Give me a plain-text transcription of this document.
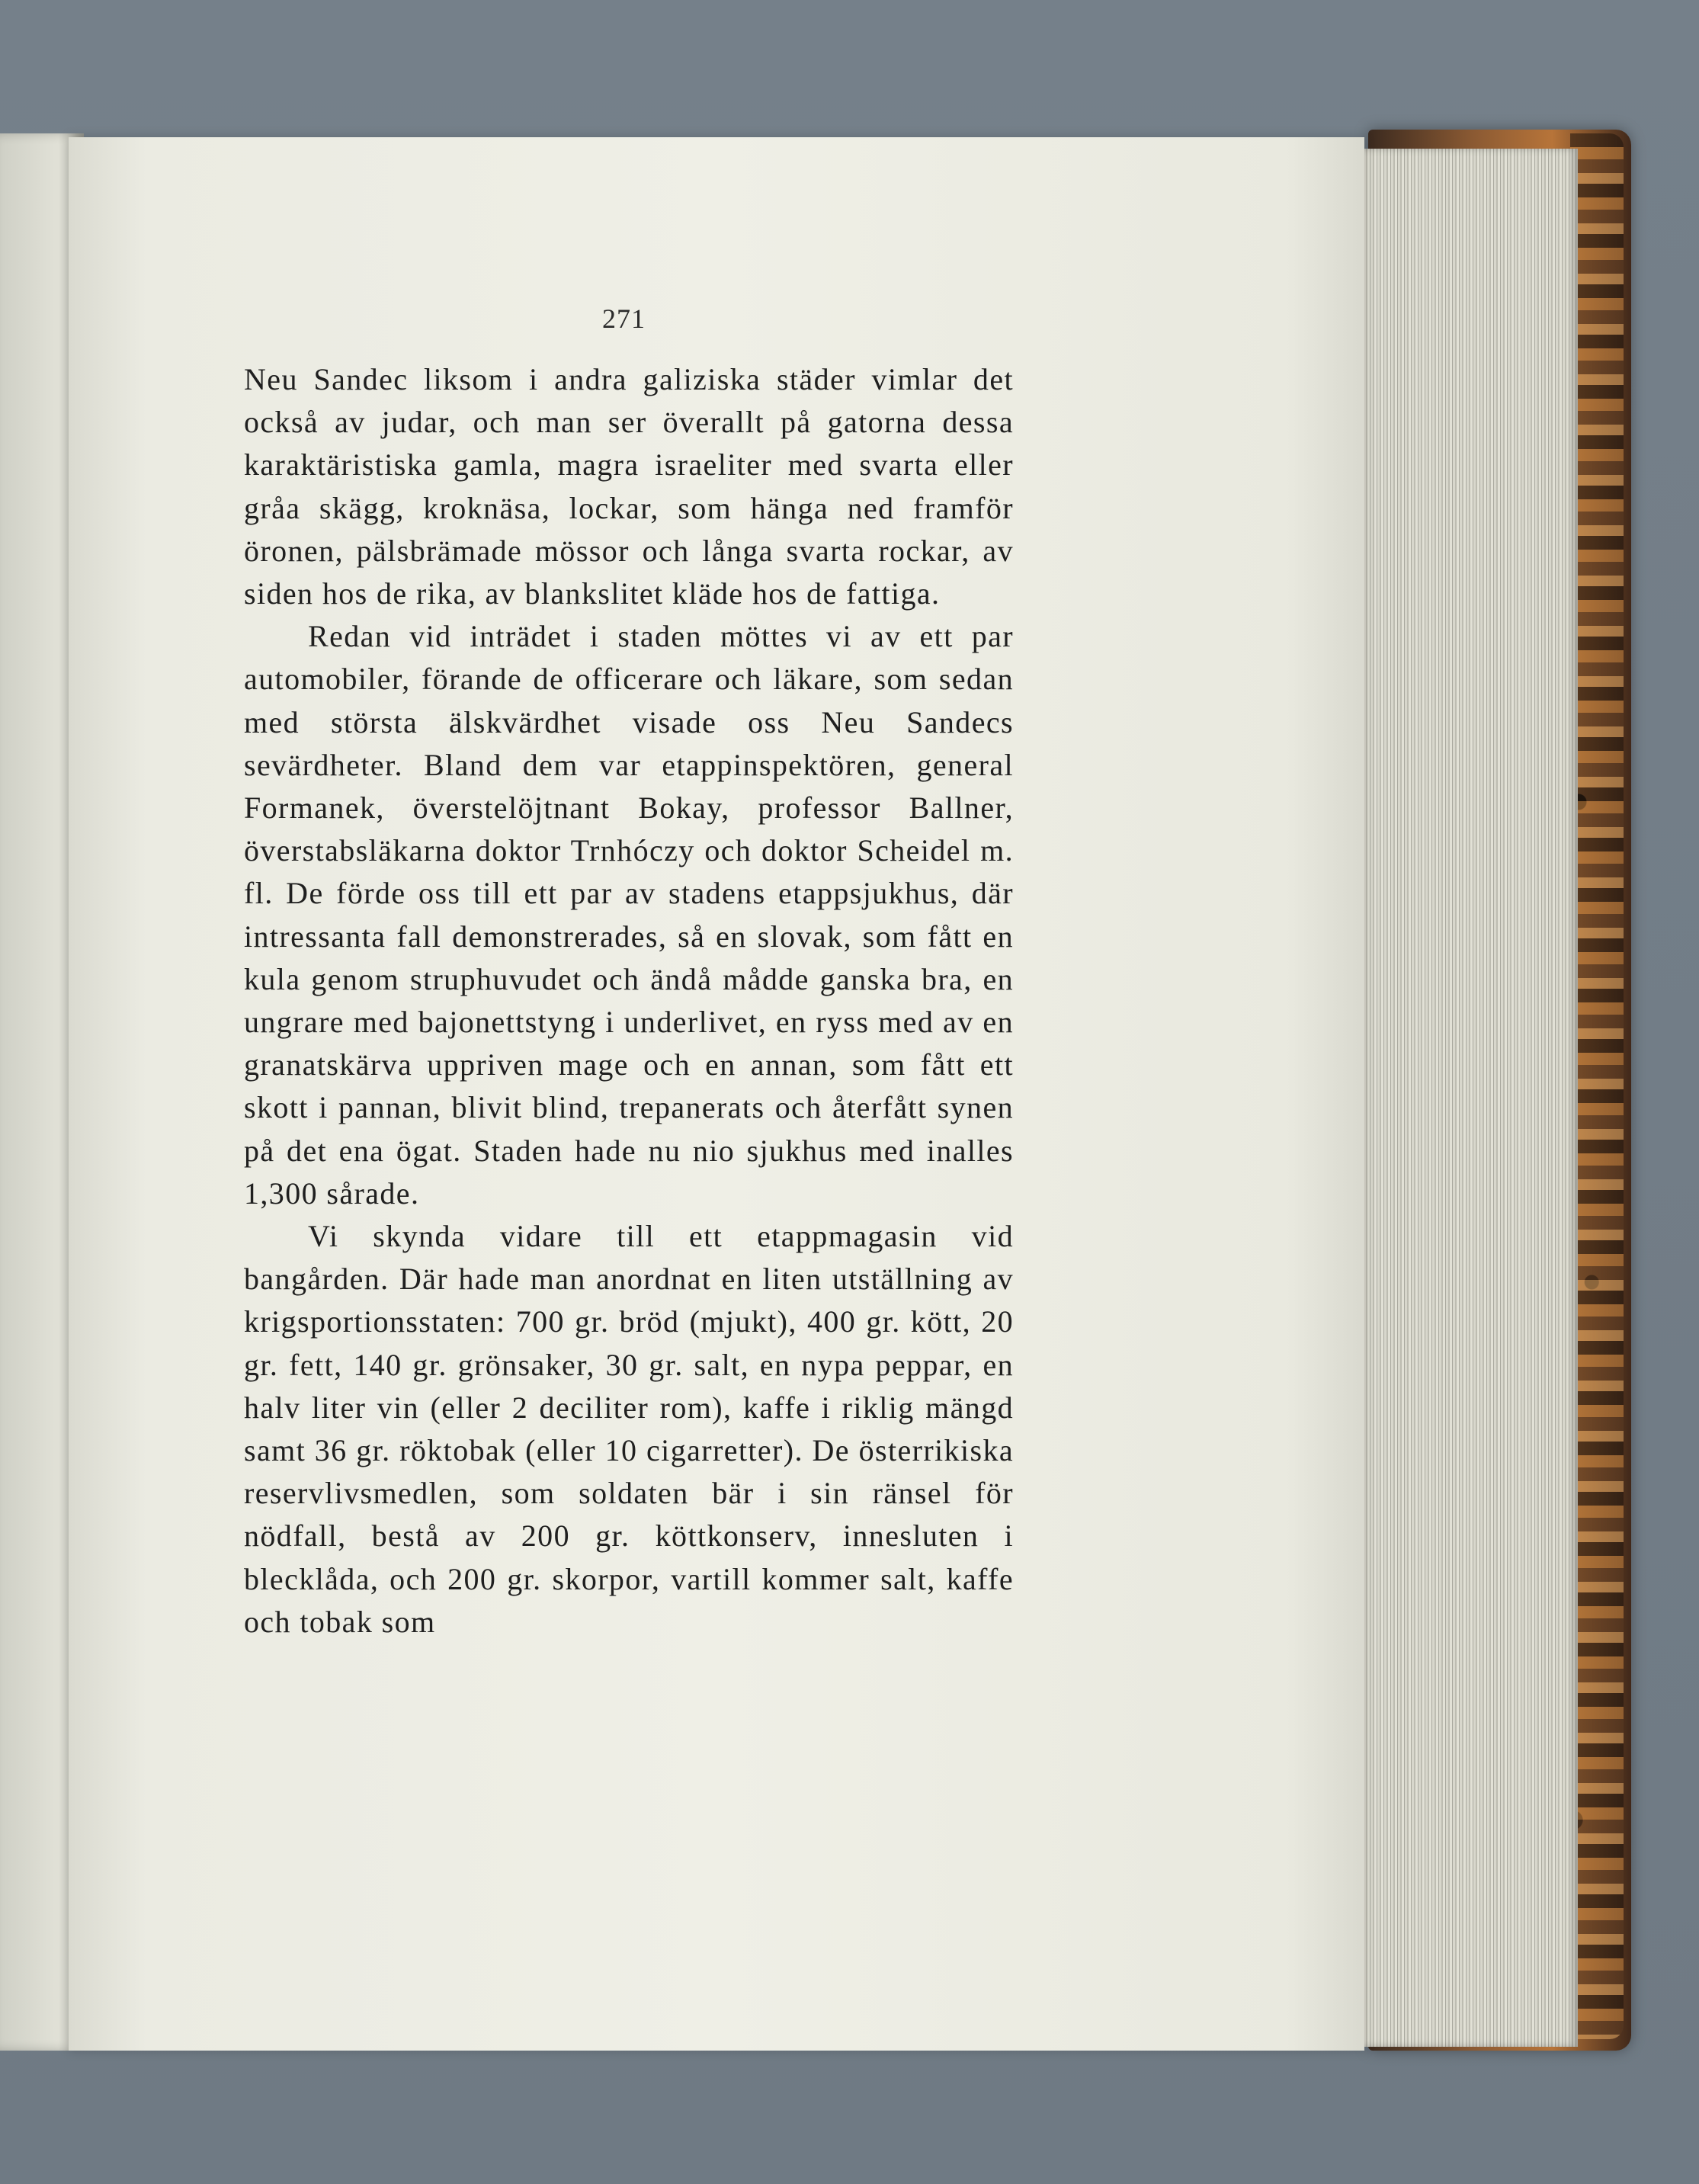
271

Neu Sandec liksom i andra galiziska städer vimlar det också av judar, och man ser överallt på gatorna dessa karaktäristiska gamla, magra israeliter med svarta eller gråa skägg, kroknäsa, lockar, som hänga ned framför öronen, pälsbrämade mössor och långa svarta rockar, av siden hos de rika, av blankslitet kläde hos de fattiga.

Redan vid inträdet i staden möttes vi av ett par automobiler, förande de officerare och läkare, som sedan med största älskvärdhet visade oss Neu Sandecs sevärdheter. Bland dem var etappinspektören, general Formanek, överstelöjtnant Bokay, professor Ballner, överstabsläkarna doktor Trnhóczy och doktor Scheidel m. fl. De förde oss till ett par av stadens etappsjukhus, där intressanta fall demonstrerades, så en slovak, som fått en kula genom struphuvudet och ändå mådde ganska bra, en ungrare med bajonettstyng i underlivet, en ryss med av en granatskärva uppriven mage och en annan, som fått ett skott i pannan, blivit blind, trepanerats och återfått synen på det ena ögat. Staden hade nu nio sjukhus med inalles 1,300 sårade.

Vi skynda vidare till ett etappmagasin vid bangården. Där hade man anordnat en liten utställning av krigsportionsstaten: 700 gr. bröd (mjukt), 400 gr. kött, 20 gr. fett, 140 gr. grönsaker, 30 gr. salt, en nypa peppar, en halv liter vin (eller 2 deciliter rom), kaffe i riklig mängd samt 36 gr. röktobak (eller 10 cigarretter). De österrikiska reservlivsmedlen, som soldaten bär i sin ränsel för nödfall, bestå av 200 gr. köttkonserv, innesluten i blecklåda, och 200 gr. skorpor, vartill kommer salt, kaffe och tobak som
